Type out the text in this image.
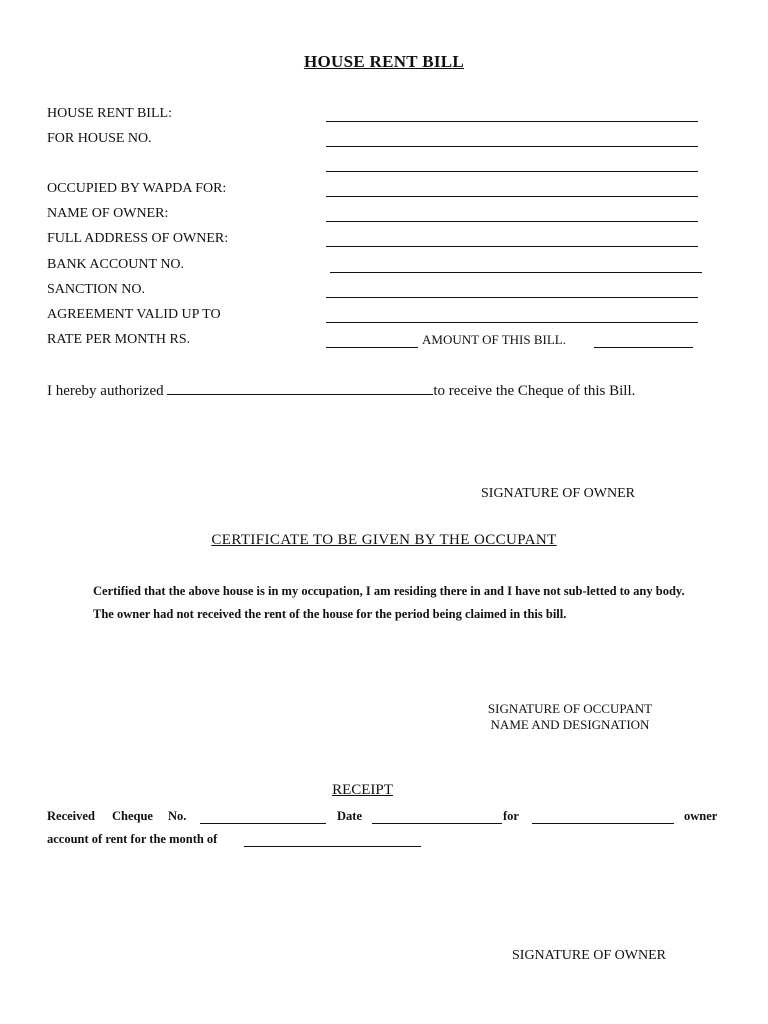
HOUSE RENT BILL
HOUSE RENT BILL:
FOR HOUSE NO.
OCCUPIED BY WAPDA FOR:
NAME OF OWNER:
FULL ADDRESS OF OWNER:
BANK ACCOUNT NO.
SANCTION NO.
AGREEMENT VALID UP TO
RATE PER MONTH RS.	AMOUNT OF THIS BILL.
I hereby authorized	to receive the Cheque of this Bill.
SIGNATURE OF OWNER
CERTIFICATE TO BE GIVEN BY THE OCCUPANT
Certified that the above house is in my occupation, I am residing there in and I have not sub-letted to any body. The owner had not received the rent of the house for the period being claimed in this bill.
SIGNATURE OF OCCUPANT
NAME AND DESIGNATION
RECEIPT
Received Cheque No.	Date	for	owner
account of rent for the month of
SIGNATURE OF OWNER
